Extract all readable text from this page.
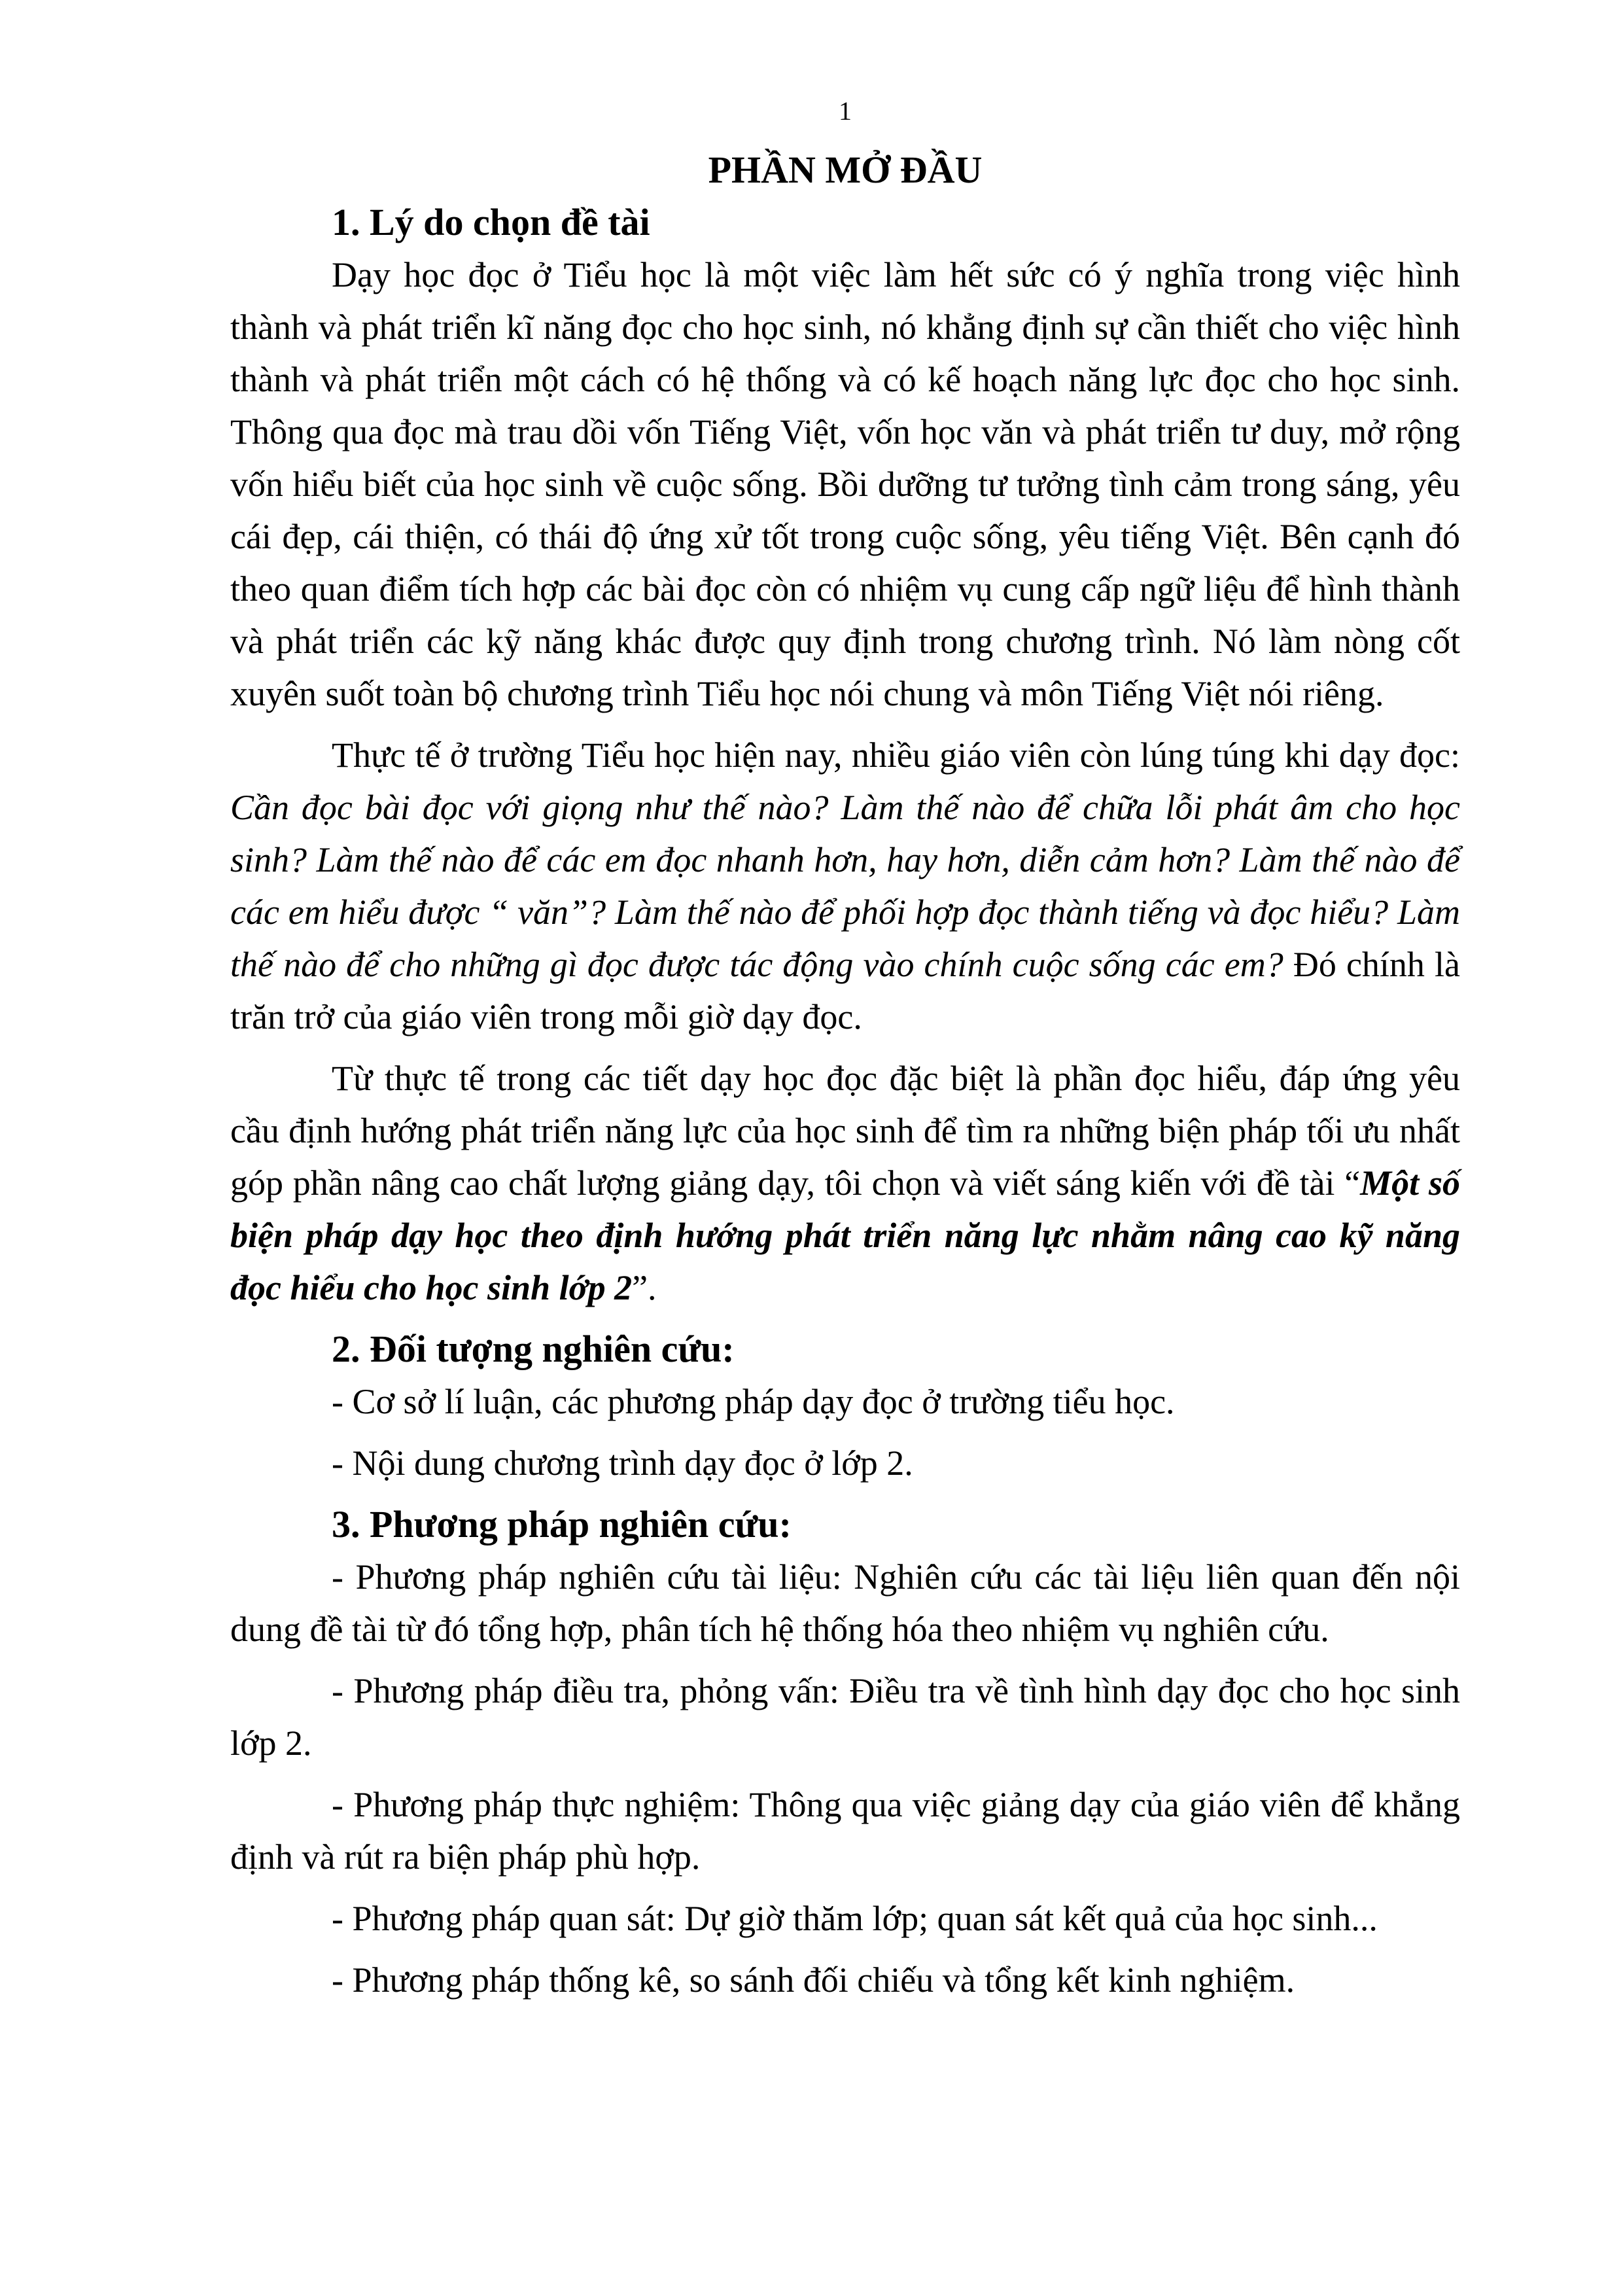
1

PHẦN MỞ ĐẦU
1. Lý do chọn đề tài

Dạy học đọc ở Tiểu học là một việc làm hết sức có ý nghĩa trong việc hình thành và phát triển kĩ năng đọc cho học sinh, nó khẳng định sự cần thiết cho việc hình thành và phát triển một cách có hệ thống và có kế hoạch năng lực đọc cho học sinh. Thông qua đọc mà trau dồi vốn Tiếng Việt, vốn học văn và phát triển tư duy, mở rộng vốn hiểu biết của học sinh về cuộc sống. Bồi dưỡng tư tưởng tình cảm trong sáng, yêu cái đẹp, cái thiện, có thái độ ứng xử tốt trong cuộc sống, yêu tiếng Việt. Bên cạnh đó theo quan điểm tích hợp các bài đọc còn có nhiệm vụ cung cấp ngữ liệu để hình thành và phát triển các kỹ năng khác được quy định trong chương trình. Nó làm nòng cốt xuyên suốt toàn bộ chương trình Tiểu học nói chung và môn Tiếng Việt nói riêng.

Thực tế ở trường Tiểu học hiện nay, nhiều giáo viên còn lúng túng khi dạy đọc: Cần đọc bài đọc với giọng như thế nào? Làm thế nào để chữa lỗi phát âm cho học sinh? Làm thế nào để các em đọc nhanh hơn, hay hơn, diễn cảm hơn? Làm thế nào để các em hiểu được “ văn”? Làm thế nào để phối hợp đọc thành tiếng và đọc hiểu? Làm thế nào để cho những gì đọc được tác động vào chính cuộc sống các em? Đó chính là trăn trở của giáo viên trong mỗi giờ dạy đọc.

Từ thực tế trong các tiết dạy học đọc đặc biệt là phần đọc hiểu, đáp ứng yêu cầu định hướng phát triển năng lực của học sinh để tìm ra những biện pháp tối ưu nhất góp phần nâng cao chất lượng giảng dạy, tôi chọn và viết sáng kiến với đề tài “Một số biện pháp dạy học theo định hướng phát triển năng lực nhằm nâng cao kỹ năng đọc hiểu cho học sinh lớp 2”.

2. Đối tượng nghiên cứu:

- Cơ sở lí luận, các phương pháp dạy đọc ở trường tiểu học.

- Nội dung chương trình dạy đọc ở lớp 2.

3. Phương pháp nghiên cứu:

- Phương pháp nghiên cứu tài liệu: Nghiên cứu các tài liệu liên quan đến nội dung đề tài từ đó tổng hợp, phân tích hệ thống hóa theo nhiệm vụ nghiên cứu.

- Phương pháp điều tra, phỏng vấn: Điều tra về tình hình dạy đọc cho học sinh lớp 2.

- Phương pháp thực nghiệm: Thông qua việc giảng dạy của giáo viên để khẳng định và rút ra biện pháp phù hợp.

- Phương pháp quan sát: Dự giờ thăm lớp; quan sát kết quả của học sinh...

- Phương pháp thống kê, so sánh đối chiếu và tổng kết kinh nghiệm.
